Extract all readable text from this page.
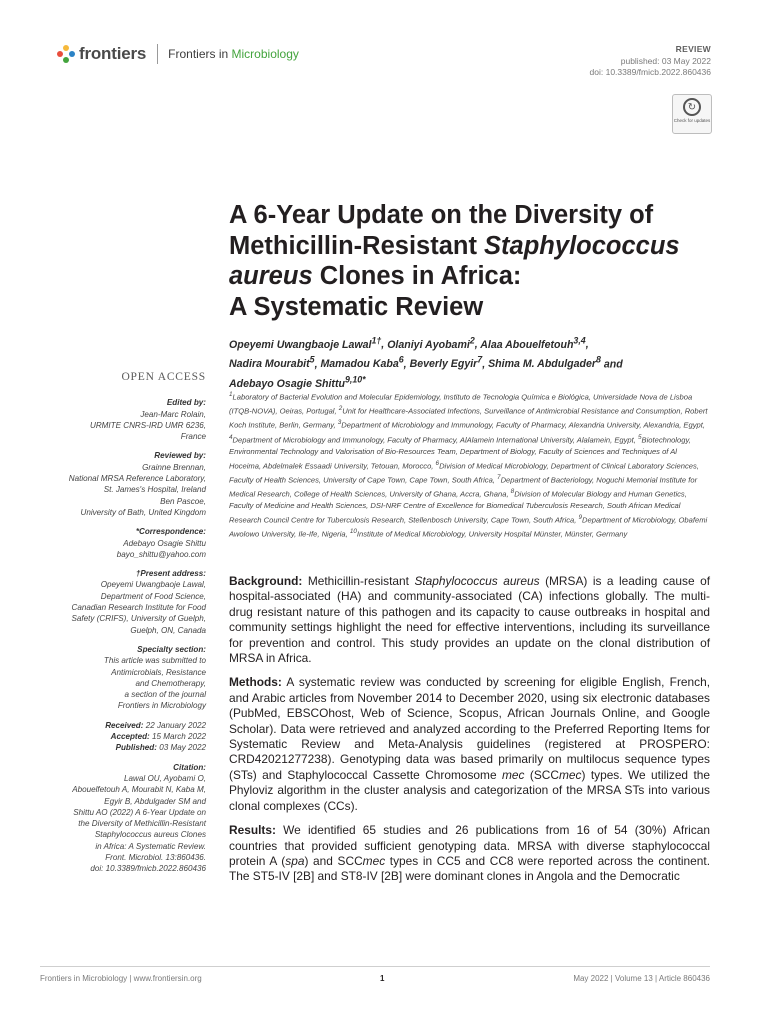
frontiers Frontiers in Microbiology	REVIEW
published: 03 May 2022
doi: 10.3389/fmicb.2022.860436
↻
Check for updates
A 6-Year Update on the Diversity of
Methicillin-Resistant Staphylococcus
aureus Clones in Africa:
A Systematic Review
Opeyemi Uwangbaoje Lawal$^{1\dagger}$, Olaniyi Ayobami$^2$, Alaa Abouelfetouh$^{3,4}$,
Nadira Mourabit$^5$, Mamadou Kaba$^6$, Beverly Egyir$^7$, Shima M. Abdulgader$^8$ and
Adebayo Osagie Shittu$^{9,10*}$
$^1$Laboratory of Bacterial Evolution and Molecular Epidemiology, Instituto de Tecnologia Química e Biológica, Universidade Nova de Lisboa (ITQB-NOVA), Oeiras, Portugal, $^2$Unit for Healthcare-Associated Infections, Surveillance of Antimicrobial Resistance and Consumption, Robert Koch Institute, Berlin, Germany, $^3$Department of Microbiology and Immunology, Faculty of Pharmacy, Alexandria University, Alexandria, Egypt, $^4$Department of Microbiology and Immunology, Faculty of Pharmacy, AlAlamein International University, Alalamein, Egypt, $^5$Biotechnology, Environmental Technology and Valorisation of Bio-Resources Team, Department of Biology, Faculty of Sciences and Techniques of Al Hoceima, Abdelmalek Essaadi University, Tetouan, Morocco, $^6$Division of Medical Microbiology, Department of Clinical Laboratory Sciences, Faculty of Health Sciences, University of Cape Town, Cape Town, South Africa, $^7$Department of Bacteriology, Noguchi Memorial Institute for Medical Research, College of Health Sciences, University of Ghana, Accra, Ghana, $^8$Division of Molecular Biology and Human Genetics, Faculty of Medicine and Health Sciences, DSI-NRF Centre of Excellence for Biomedical Tuberculosis Research, South African Medical Research Council Centre for Tuberculosis Research, Stellenbosch University, Cape Town, South Africa, $^9$Department of Microbiology, Obafemi Awolowo University, Ile-Ife, Nigeria, $^{10}$Institute of Medical Microbiology, University Hospital Münster, Münster, Germany
OPEN ACCESS
Edited by:
Jean-Marc Rolain,
URMITE CNRS-IRD UMR 6236,
France
Reviewed by:
Grainne Brennan,
National MRSA Reference Laboratory,
St. James's Hospital, Ireland
Ben Pascoe,
University of Bath, United Kingdom
*Correspondence:
Adebayo Osagie Shittu
bayo_shittu@yahoo.com
†Present address:
Opeyemi Uwangbaoje Lawal,
Department of Food Science,
Canadian Research Institute for Food
Safety (CRIFS), University of Guelph,
Guelph, ON, Canada
Specialty section:
This article was submitted to
Antimicrobials, Resistance
and Chemotherapy,
a section of the journal
Frontiers in Microbiology
Received: 22 January 2022
Accepted: 15 March 2022
Published: 03 May 2022
Citation:
Lawal OU, Ayobami O,
Abouelfetouh A, Mourabit N, Kaba M,
Egyir B, Abdulgader SM and
Shittu AO (2022) A 6-Year Update on
the Diversity of Methicillin-Resistant
Staphylococcus aureus Clones
in Africa: A Systematic Review.
Front. Microbiol. 13:860436.
doi: 10.3389/fmicb.2022.860436

Background: Methicillin-resistant Staphylococcus aureus (MRSA) is a leading cause of hospital-associated (HA) and community-associated (CA) infections globally. The multi-drug resistant nature of this pathogen and its capacity to cause outbreaks in hospital and community settings highlight the need for effective interventions, including its surveillance for prevention and control. This study provides an update on the clonal distribution of MRSA in Africa.

Methods: A systematic review was conducted by screening for eligible English, French, and Arabic articles from November 2014 to December 2020, using six electronic databases (PubMed, EBSCOhost, Web of Science, Scopus, African Journals Online, and Google Scholar). Data were retrieved and analyzed according to the Preferred Reporting Items for Systematic Review and Meta-Analysis guidelines (registered at PROSPERO: CRD42021277238). Genotyping data was based primarily on multilocus sequence types (STs) and Staphylococcal Cassette Chromosome mec (SCCmec) types. We utilized the Phyloviz algorithm in the cluster analysis and categorization of the MRSA STs into various clonal complexes (CCs).

Results: We identified 65 studies and 26 publications from 16 of 54 (30%) African countries that provided sufficient genotyping data. MRSA with diverse staphylococcal protein A (spa) and SCCmec types in CC5 and CC8 were reported across the continent. The ST5-IV [2B] and ST8-IV [2B] were dominant clones in Angola and the Democratic

Frontiers in Microbiology | www.frontiersin.org	1	May 2022 | Volume 13 | Article 860436
